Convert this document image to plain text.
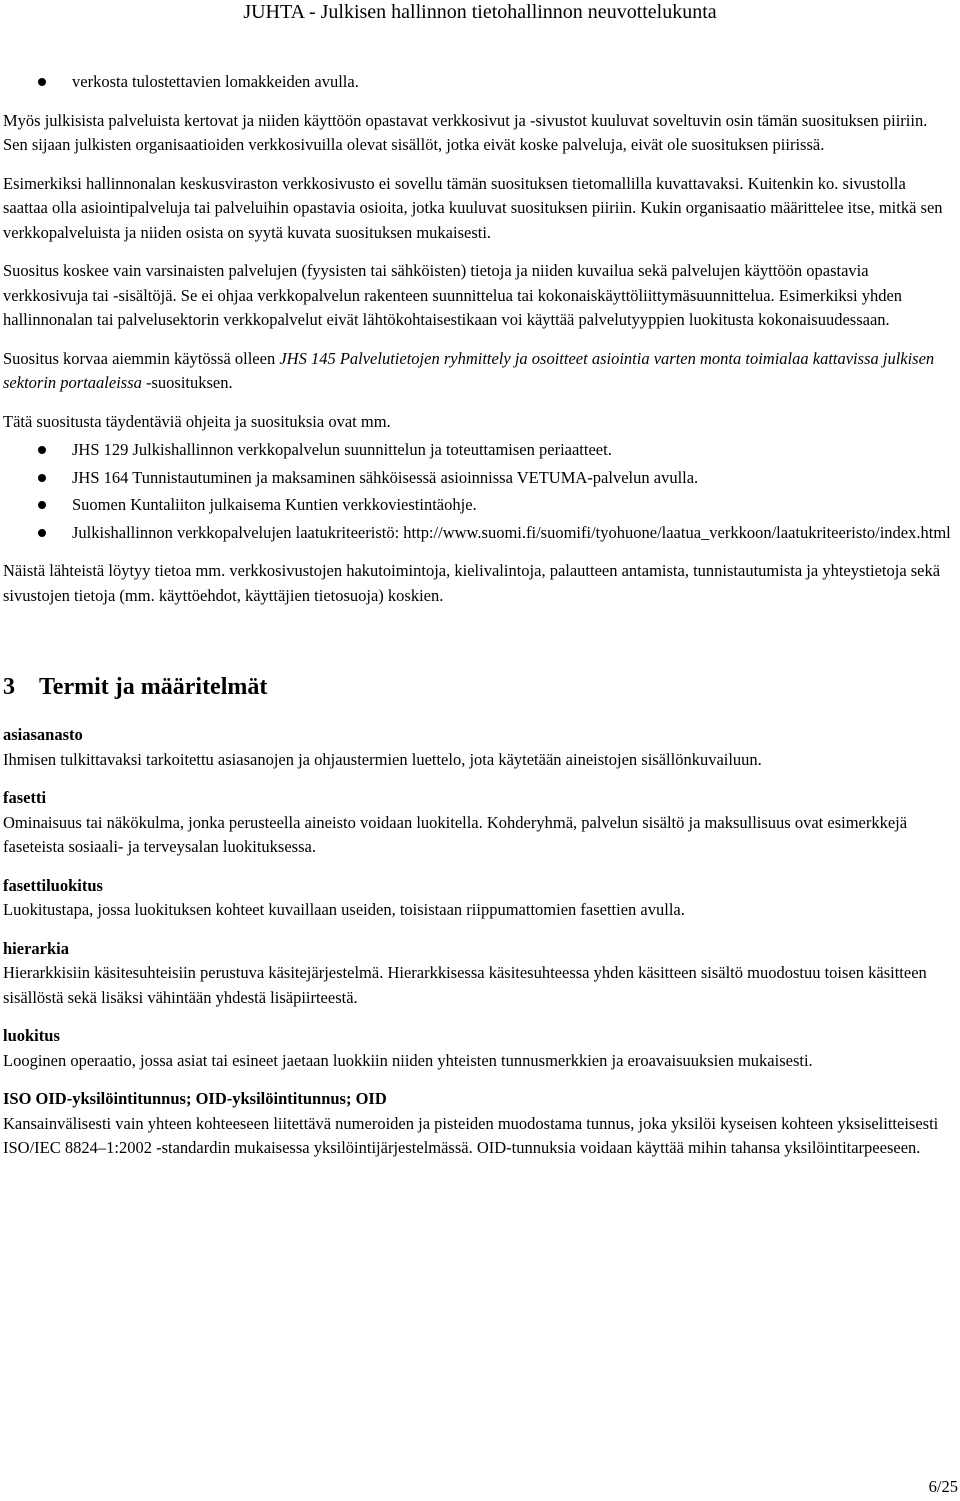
JUHTA - Julkisen hallinnon tietohallinnon neuvottelukunta
verkosta tulostettavien lomakkeiden avulla.

Myös julkisista palveluista kertovat ja niiden käyttöön opastavat verkkosivut ja -sivustot kuuluvat soveltuvin osin tämän suosituksen piiriin. Sen sijaan julkisten organisaatioiden verkkosivuilla olevat sisällöt, jotka eivät koske palveluja, eivät ole suosituksen piirissä.

Esimerkiksi hallinnonalan keskusviraston verkkosivusto ei sovellu tämän suosituksen tietomallilla kuvattavaksi. Kuitenkin ko. sivustolla saattaa olla asiointipalveluja tai palveluihin opastavia osioita, jotka kuuluvat suosituksen piiriin. Kukin organisaatio määrittelee itse, mitkä sen verkkopalveluista ja niiden osista on syytä kuvata suosituksen mukaisesti.

Suositus koskee vain varsinaisten palvelujen (fyysisten tai sähköisten) tietoja ja niiden kuvailua sekä palvelujen käyttöön opastavia verkkosivuja tai -sisältöjä. Se ei ohjaa verkkopalvelun rakenteen suunnittelua tai kokonaiskäyttöliittymäsuunnittelua. Esimerkiksi yhden hallinnonalan tai palvelusektorin verkkopalvelut eivät lähtökohtaisestikaan voi käyttää palvelutyyppien luokitusta kokonaisuudessaan.

Suositus korvaa aiemmin käytössä olleen JHS 145 Palvelutietojen ryhmittely ja osoitteet asiointia varten monta toimialaa kattavissa julkisen sektorin portaaleissa -suosituksen.

Tätä suositusta täydentäviä ohjeita ja suosituksia ovat mm.

JHS 129 Julkishallinnon verkkopalvelun suunnittelun ja toteuttamisen periaatteet.
JHS 164 Tunnistautuminen ja maksaminen sähköisessä asioinnissa VETUMA-palvelun avulla.
Suomen Kuntaliiton julkaisema Kuntien verkkoviestintäohje.
Julkishallinnon verkkopalvelujen laatukriteeristö: http://www.suomi.fi/suomifi/tyohuone/laatua_verkkoon/laatukriteeristo/index.html

Näistä lähteistä löytyy tietoa mm. verkkosivustojen hakutoimintoja, kielivalintoja, palautteen antamista, tunnistautumista ja yhteystietoja sekä sivustojen tietoja (mm. käyttöehdot, käyttäjien tietosuoja) koskien.

3 Termit ja määritelmät
asiasanasto
Ihmisen tulkittavaksi tarkoitettu asiasanojen ja ohjaustermien luettelo, jota käytetään aineistojen sisällönkuvailuun.
fasetti
Ominaisuus tai näkökulma, jonka perusteella aineisto voidaan luokitella. Kohderyhmä, palvelun sisältö ja maksullisuus ovat esimerkkejä faseteista sosiaali- ja terveysalan luokituksessa.
fasettiluokitus
Luokitustapa, jossa luokituksen kohteet kuvaillaan useiden, toisistaan riippumattomien fasettien avulla.
hierarkia
Hierarkkisiin käsitesuhteisiin perustuva käsitejärjestelmä. Hierarkkisessa käsitesuhteessa yhden käsitteen sisältö muodostuu toisen käsitteen sisällöstä sekä lisäksi vähintään yhdestä lisäpiirteestä.
luokitus
Looginen operaatio, jossa asiat tai esineet jaetaan luokkiin niiden yhteisten tunnusmerkkien ja eroavaisuuksien mukaisesti.
ISO OID-yksilöintitunnus; OID-yksilöintitunnus; OID
Kansainvälisesti vain yhteen kohteeseen liitettävä numeroiden ja pisteiden muodostama tunnus, joka yksilöi kyseisen kohteen yksiselitteisesti ISO/IEC 8824–1:2002 -standardin mukaisessa yksilöintijärjestelmässä. OID-tunnuksia voidaan käyttää mihin tahansa yksilöintitarpeeseen.
6/25
